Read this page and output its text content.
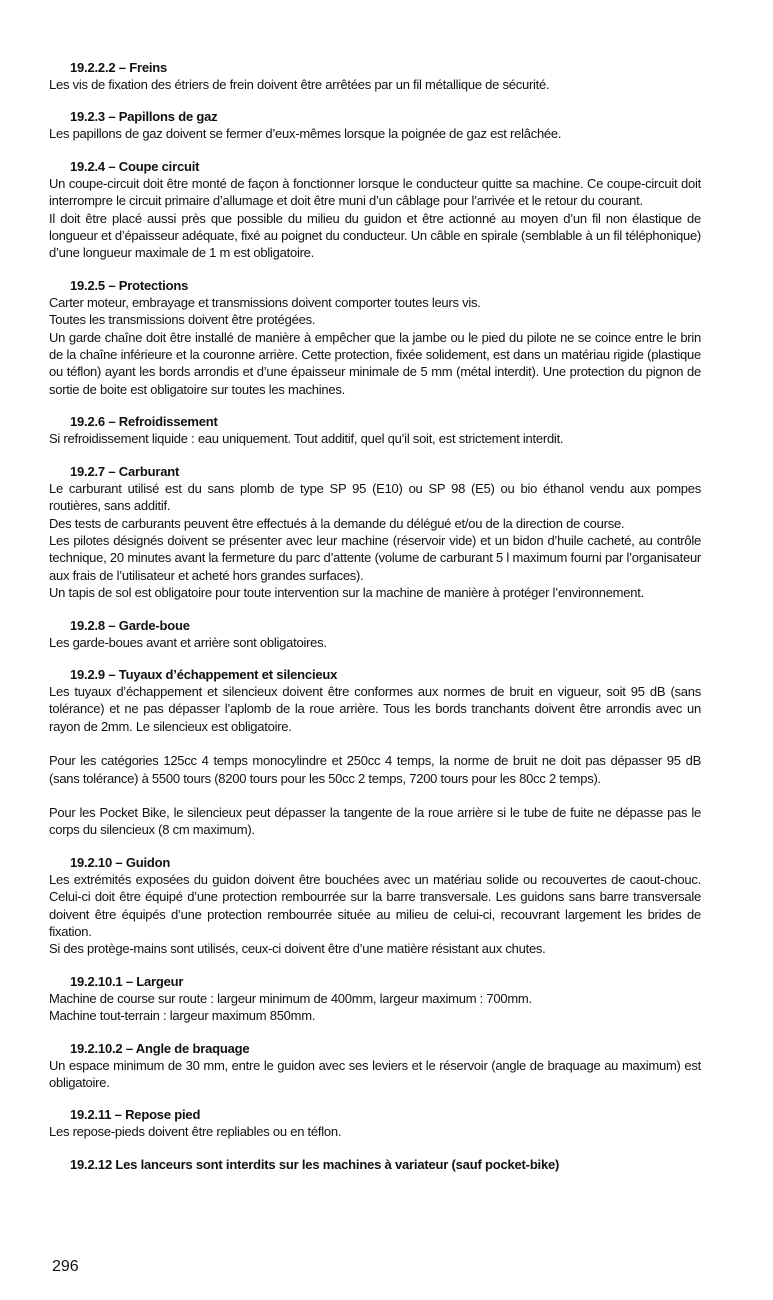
19.2.2.2 – Freins

Les vis de fixation des étriers de frein doivent être arrêtées par un fil métallique de sécurité.

19.2.3 – Papillons de gaz

Les papillons de gaz doivent se fermer d’eux-mêmes lorsque la poignée de gaz est relâchée.

19.2.4 – Coupe circuit

Un coupe-circuit doit être monté de façon à fonctionner lorsque le conducteur quitte sa machine. Ce coupe-circuit doit interrompre le circuit primaire d’allumage et doit être muni d’un câblage pour l’arrivée et le retour du courant.

Il doit être placé aussi près que possible du milieu du guidon et être actionné au moyen d’un fil non élastique de longueur et d’épaisseur adéquate, fixé au poignet du conducteur. Un câble en spirale (semblable à un fil téléphonique) d’une longueur maximale de 1 m est obligatoire.

19.2.5 – Protections

Carter moteur, embrayage et transmissions doivent comporter toutes leurs vis.

Toutes les transmissions doivent être protégées.

Un garde chaîne doit être installé de manière à empêcher que la jambe ou le pied du pilote ne se coince entre le brin de la chaîne inférieure et la couronne arrière. Cette protection, fixée solidement, est dans un matériau rigide (plastique ou téflon) ayant les bords arrondis et d’une épaisseur minimale de 5 mm (métal interdit). Une protection du pignon de sortie de boite est obligatoire sur toutes les machines.

19.2.6 – Refroidissement

Si refroidissement liquide : eau uniquement. Tout additif, quel qu’il soit, est strictement interdit.

19.2.7 – Carburant

Le carburant utilisé est du sans plomb de type SP 95 (E10) ou SP 98 (E5) ou bio éthanol vendu aux pompes routières, sans additif.

Des tests de carburants peuvent être effectués à la demande du délégué et/ou de la direction de course.

Les pilotes désignés doivent se présenter avec leur machine (réservoir vide) et un bidon d’huile cacheté, au contrôle technique, 20 minutes avant la fermeture du parc d’attente (volume de carburant 5 l maximum fourni par l’organisateur aux frais de l’utilisateur et acheté hors grandes surfaces).

Un tapis de sol est obligatoire pour toute intervention sur la machine de manière à protéger l’environnement.

19.2.8 – Garde-boue

Les garde-boues avant et arrière sont obligatoires.

19.2.9 – Tuyaux d’échappement et silencieux

Les tuyaux d’échappement et silencieux doivent être conformes aux normes de bruit en vigueur, soit 95 dB (sans tolérance) et ne pas dépasser l’aplomb de la roue arrière. Tous les bords tranchants doivent être arrondis avec un rayon de 2mm. Le silencieux est obligatoire.

Pour les catégories 125cc 4 temps monocylindre et 250cc 4 temps, la norme de bruit ne doit pas dépasser 95 dB (sans tolérance) à 5500 tours (8200 tours pour les 50cc 2 temps, 7200 tours pour les 80cc 2 temps).

Pour les Pocket Bike, le silencieux peut dépasser la tangente de la roue arrière si le tube de fuite ne dépasse pas le corps du silencieux (8 cm maximum).

19.2.10 – Guidon

Les extrémités exposées du guidon doivent être bouchées avec un matériau solide ou recouvertes de caout-chouc. Celui-ci doit être équipé d’une protection rembourrée sur la barre transversale. Les guidons sans barre transversale doivent être équipés d’une protection rembourrée située au milieu de celui-ci, recouvrant largement les brides de fixation.

Si des protège-mains sont utilisés, ceux-ci doivent être d’une matière résistant aux chutes.

19.2.10.1 – Largeur

Machine de course sur route : largeur minimum de 400mm, largeur maximum : 700mm.

Machine tout-terrain : largeur maximum 850mm.

19.2.10.2 – Angle de braquage

Un espace minimum de 30 mm, entre le guidon avec ses leviers et le réservoir (angle de braquage au maximum) est obligatoire.

19.2.11 – Repose pied

Les repose-pieds doivent être repliables ou en téflon.

19.2.12 Les lanceurs sont interdits sur les machines à variateur (sauf pocket-bike)
296
